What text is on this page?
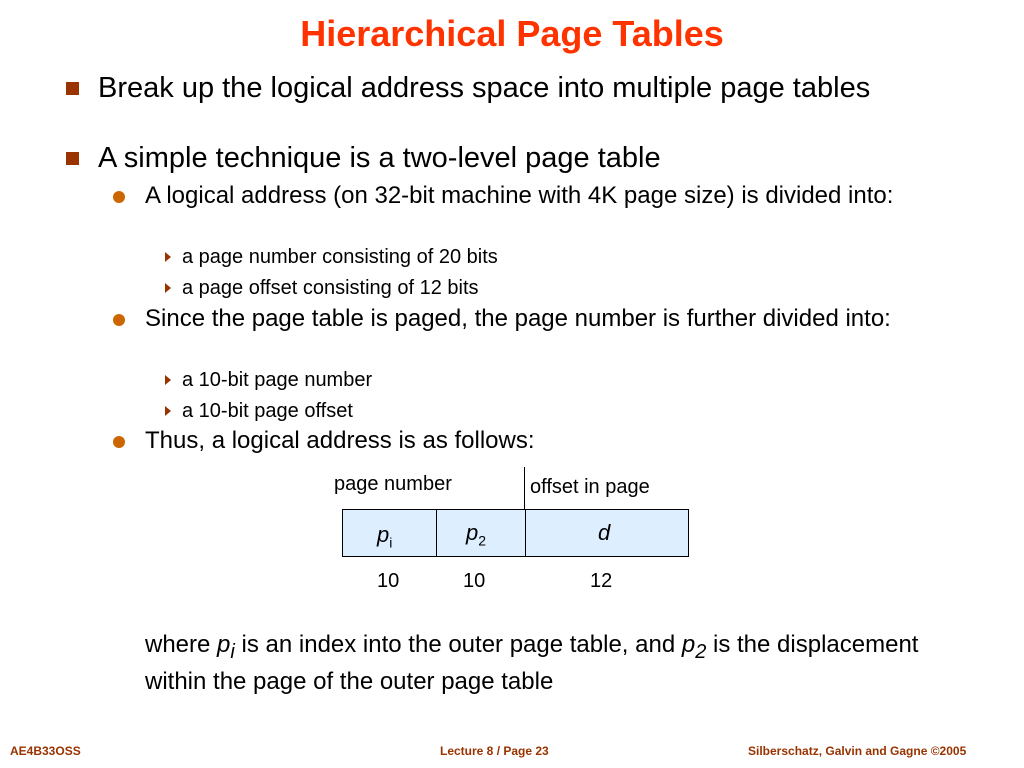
Hierarchical Page Tables

Break up the logical address space into multiple page tables

A simple technique is a two-level page table

A logical address (on 32-bit machine with 4K page size) is divided into:

a page number consisting of 20 bits

a page offset consisting of 12 bits

Since the page table is paged, the page number is further divided into:

a 10-bit page number

a 10-bit page offset

Thus, a logical address is as follows:

page number	offset in page
$p_i$	$p_2$	d
10	10	12

where $p_i$ is an index into the outer page table, and $p_2$ is the displacement within the page of the outer page table

AE4B33OSS	Lecture 8 / Page 23	Silberschatz, Galvin and Gagne ©2005
